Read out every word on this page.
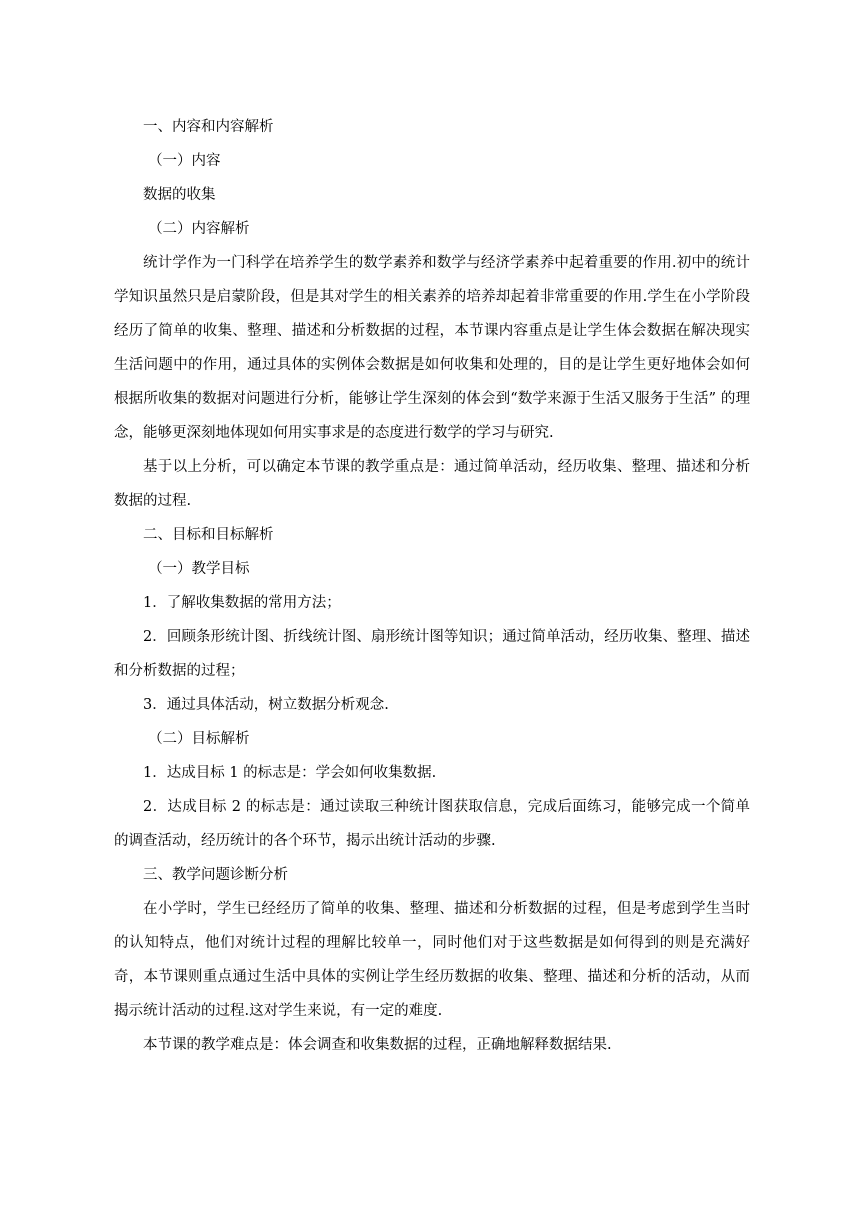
一、内容和内容解析

（一）内容

数据的收集

（二）内容解析

统计学作为一门科学在培养学生的数学素养和数学与经济学素养中起着重要的作用.初中的统计学知识虽然只是启蒙阶段，但是其对学生的相关素养的培养却起着非常重要的作用.学生在小学阶段经历了简单的收集、整理、描述和分析数据的过程，本节课内容重点是让学生体会数据在解决现实生活问题中的作用，通过具体的实例体会数据是如何收集和处理的，目的是让学生更好地体会如何根据所收集的数据对问题进行分析，能够让学生深刻的体会到“数学来源于生活又服务于生活” 的理念，能够更深刻地体现如何用实事求是的态度进行数学的学习与研究.

基于以上分析，可以确定本节课的教学重点是：通过简单活动，经历收集、整理、描述和分析数据的过程.

二、目标和目标解析

（一）教学目标

1．了解收集数据的常用方法；

2．回顾条形统计图、折线统计图、扇形统计图等知识；通过简单活动，经历收集、整理、描述和分析数据的过程；

3．通过具体活动，树立数据分析观念.

（二）目标解析

1．达成目标 1 的标志是：学会如何收集数据.

2．达成目标 2 的标志是：通过读取三种统计图获取信息，完成后面练习，能够完成一个简单的调查活动，经历统计的各个环节，揭示出统计活动的步骤.

三、教学问题诊断分析

在小学时，学生已经经历了简单的收集、整理、描述和分析数据的过程，但是考虑到学生当时的认知特点，他们对统计过程的理解比较单一，同时他们对于这些数据是如何得到的则是充满好奇，本节课则重点通过生活中具体的实例让学生经历数据的收集、整理、描述和分析的活动，从而揭示统计活动的过程.这对学生来说，有一定的难度.

本节课的教学难点是：体会调查和收集数据的过程，正确地解释数据结果.
